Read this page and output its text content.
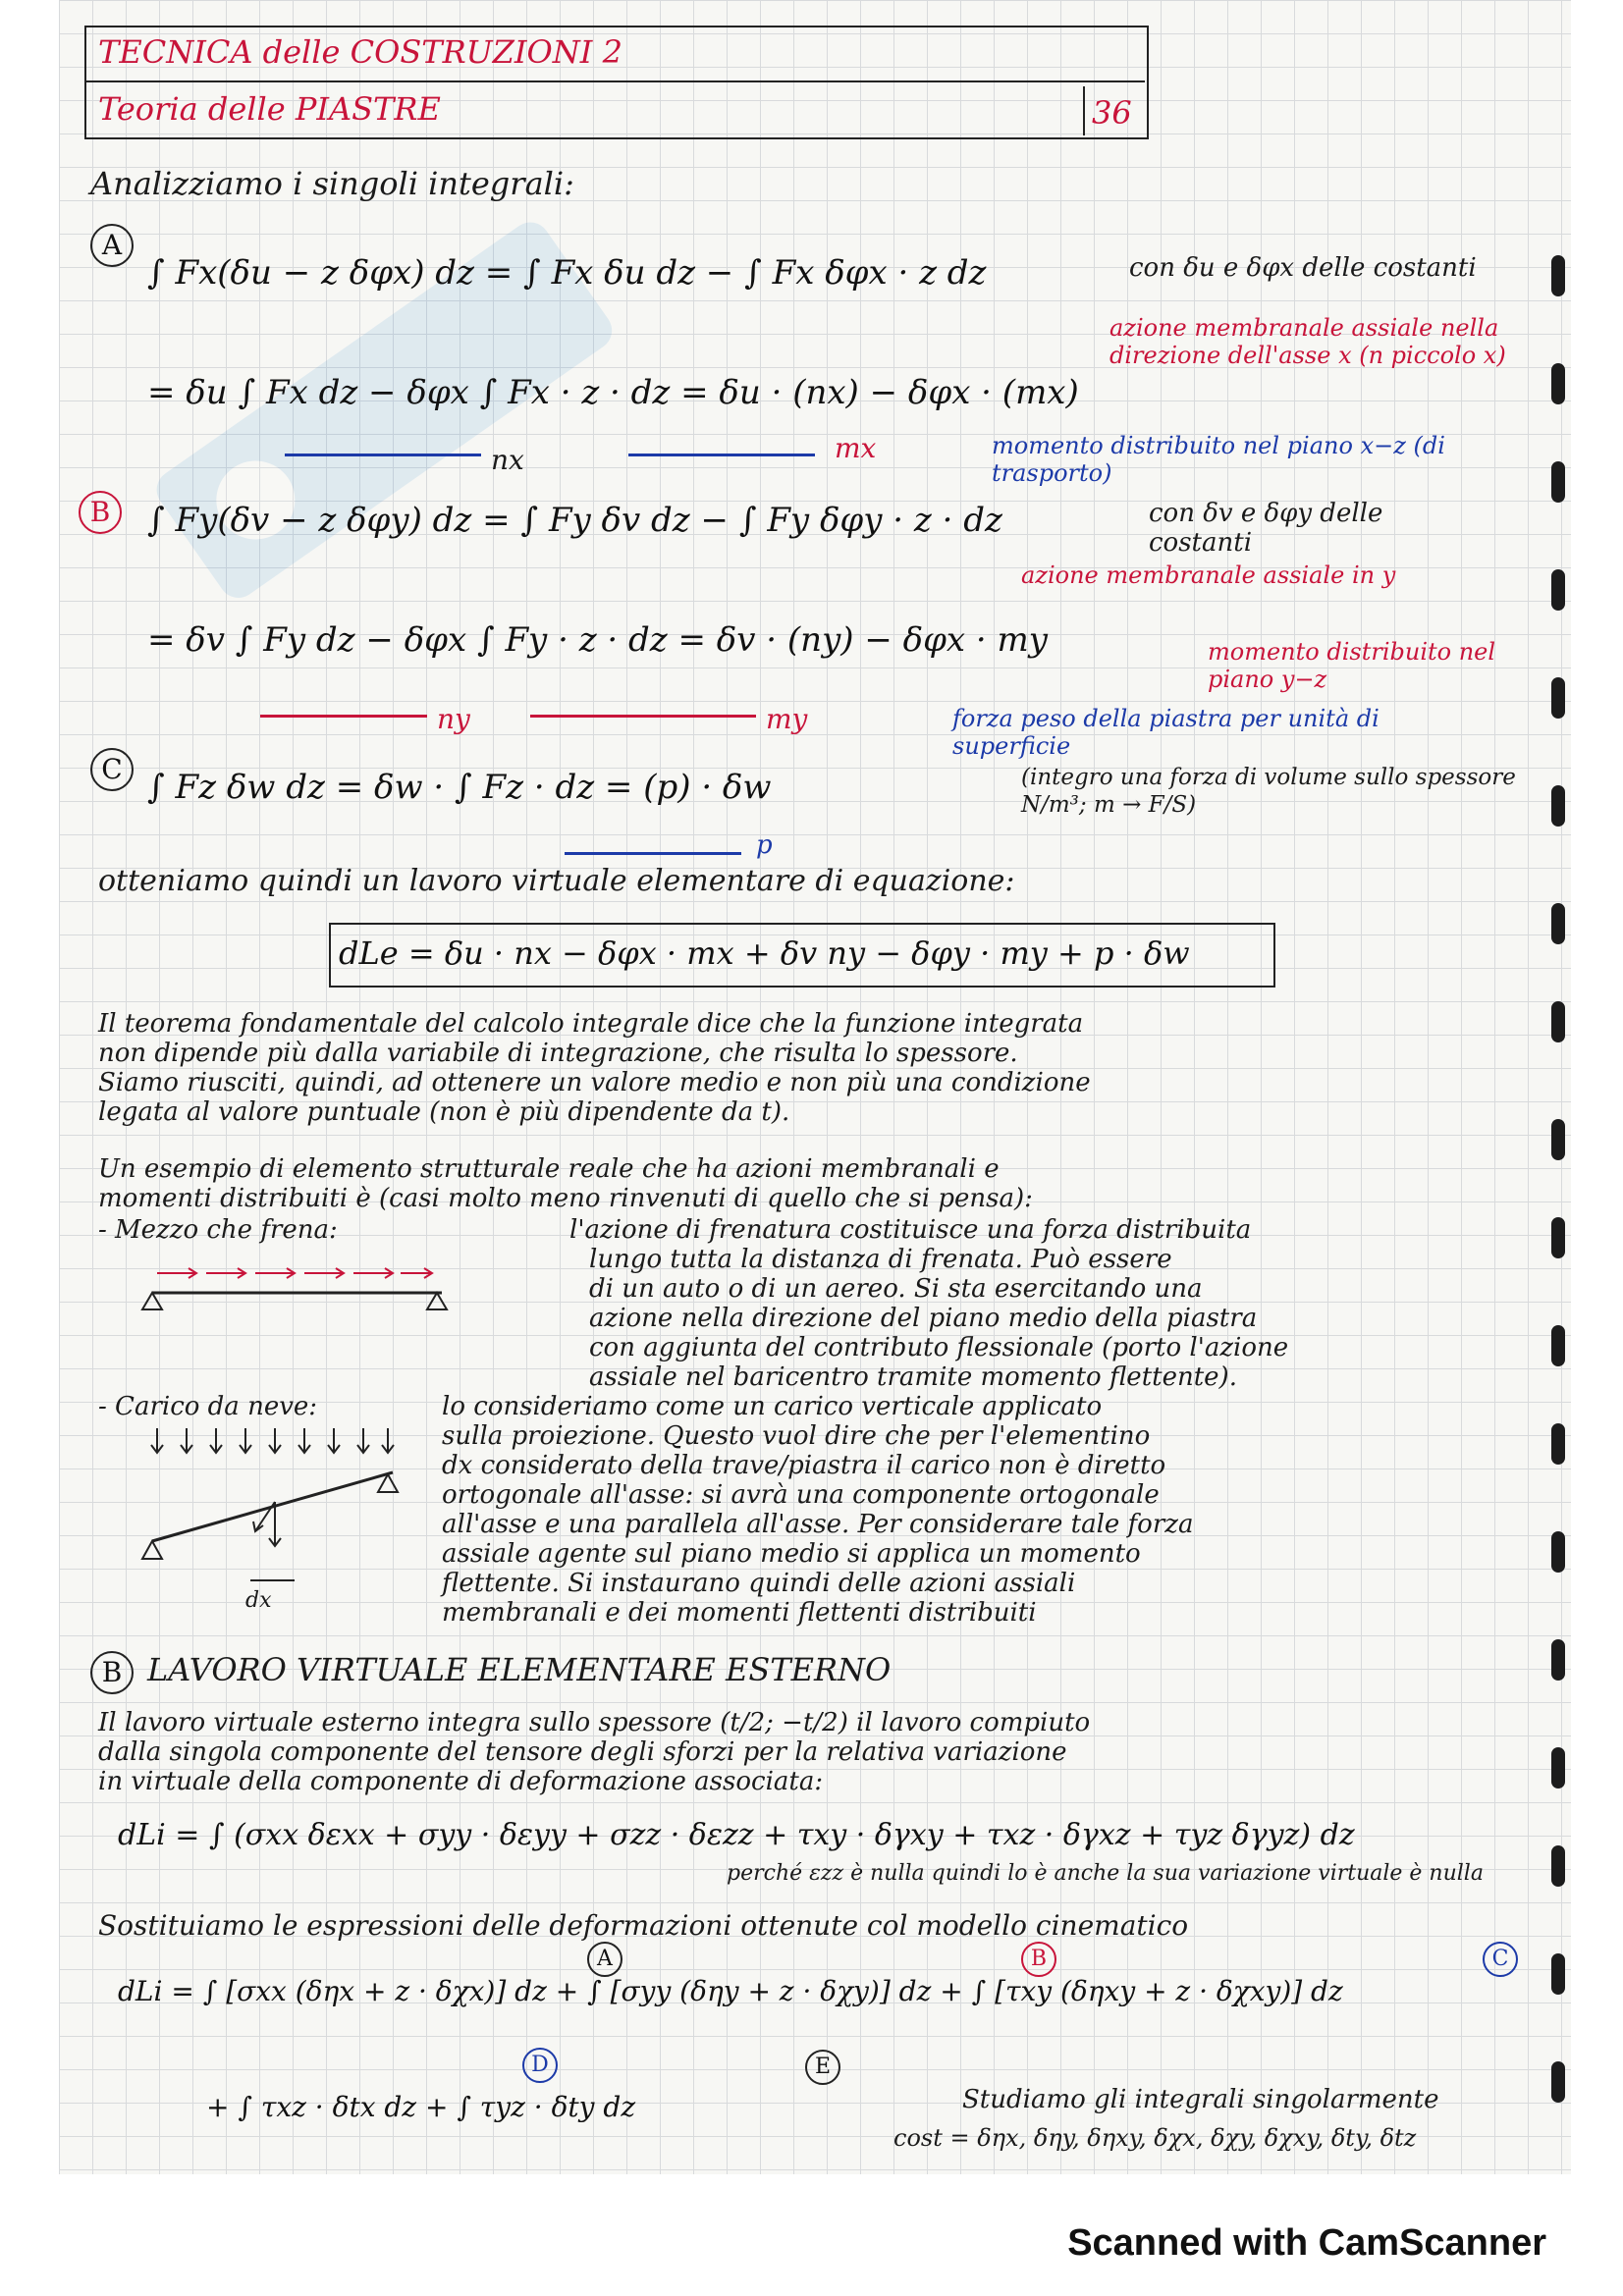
TECNICA delle COSTRUZIONI 2
Teoria delle PIASTRE	36
Analizziamo i singoli integrali:
A
∫ Fx(δu − z δφx) dz = ∫ Fx δu dz − ∫ Fx δφx · z dz	con δu e δφx delle costanti
= δu ∫ Fx dz − δφx ∫ Fx · z · dz = δu · (nx) − δφx · (mx)
nx	mx
azione membranale assiale nella direzione dell'asse x (n piccolo x)
momento distribuito nel piano x−z (di trasporto)
B	∫ Fy(δv − z δφy) dz = ∫ Fy δv dz − ∫ Fy δφy · z · dz	con δv e δφy delle costanti
= δv ∫ Fy dz − δφx ∫ Fy · z · dz = δv · (ny) − δφx · my
ny	my
azione membranale assiale in y
momento distribuito nel piano y−z
C ∫ Fz δw dz = δw · ∫ Fz · dz = (p) · δw
p
forza peso della piastra per unità di superficie
(integro una forza di volume sullo spessore N/m³; m → F/S)
otteniamo quindi un lavoro virtuale elementare di equazione:
dLe = δu · nx − δφx · mx + δv ny − δφy · my + p · δw
Il teorema fondamentale del calcolo integrale dice che la funzione integrata
non dipende più dalla variabile di integrazione, che risulta lo spessore.
Siamo riusciti, quindi, ad ottenere un valore medio e non più una condizione
legata al valore puntuale (non è più dipendente da t).
Un esempio di elemento strutturale reale che ha azioni membranali e
momenti distribuiti è (casi molto meno rinvenuti di quello che si pensa):
- Mezzo che frena:	l'azione di frenatura costituisce una forza distribuita
lungo tutta la distanza di frenata. Può essere
di un auto o di un aereo. Si sta esercitando una
azione nella direzione del piano medio della piastra
con aggiunta del contributo flessionale (porto l'azione
assiale nel baricentro tramite momento flettente).
- Carico da neve:	lo consideriamo come un carico verticale applicato
sulla proiezione. Questo vuol dire che per l'elementino
dx considerato della trave/piastra il carico non è diretto
ortogonale all'asse: si avrà una componente ortogonale
all'asse e una parallela all'asse. Per considerare tale forza
assiale agente sul piano medio si applica un momento
flettente. Si instaurano quindi delle azioni assiali
membranali e dei momenti flettenti distribuiti
dx
B LAVORO VIRTUALE ELEMENTARE ESTERNO
Il lavoro virtuale esterno integra sullo spessore (t/2; −t/2) il lavoro compiuto
dalla singola componente del tensore degli sforzi per la relativa variazione
in virtuale della componente di deformazione associata:
dLi = ∫ (σxx δεxx + σyy · δεyy + σzz · δεzz + τxy · δγxy + τxz · δγxz + τyz δγyz) dz
perché εzz è nulla quindi lo è anche la sua variazione virtuale è nulla
Sostituiamo le espressioni delle deformazioni ottenute col modello cinematico
dLi = ∫ [σxx (δηx + z · δχx)] dz + ∫ [σyy (δηy + z · δχy)] dz + ∫ [τxy (δηxy + z · δχxy)] dz
A	B	C
D	E
+ ∫ τxz · δtx dz + ∫ τyz · δty dz	Studiamo gli integrali singolarmente
cost = δηx, δηy, δηxy, δχx, δχy, δχxy, δty, δtz
Scanned with CamScanner
